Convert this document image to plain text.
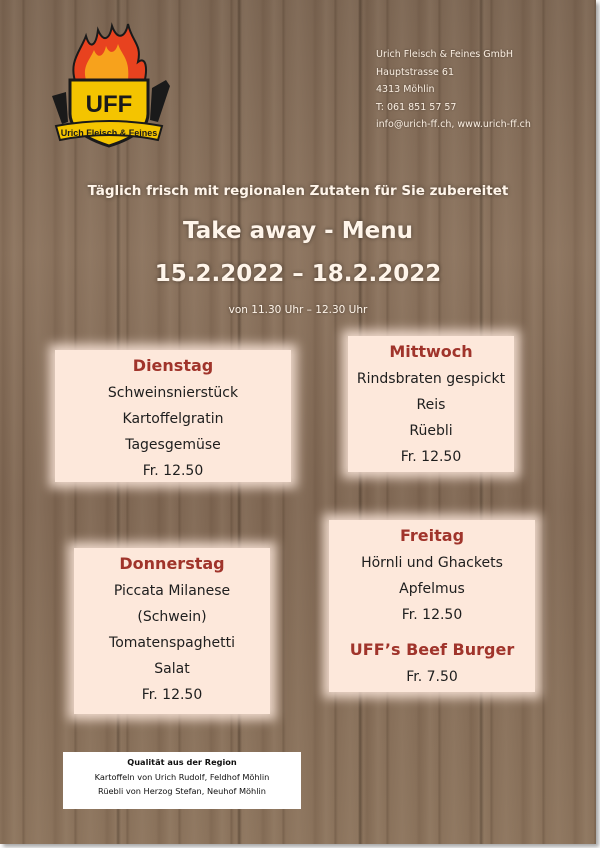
UFF
Urich Fleisch & Feines
Urich Fleisch & Feines GmbH
Hauptstrasse 61
4313 Möhlin
T: 061 851 57 57
info@urich-ff.ch, www.urich-ff.ch
Täglich frisch mit regionalen Zutaten für Sie zubereitet
Take away - Menu
15.2.2022 – 18.2.2022
von 11.30 Uhr – 12.30 Uhr
Dienstag
Schweinsnierstück
Kartoffelgratin
Tagesgemüse
Fr. 12.50
Mittwoch
Rindsbraten gespickt
Reis
Rüebli
Fr. 12.50
Donnerstag
Piccata Milanese
(Schwein)
Tomatenspaghetti
Salat
Fr. 12.50
Freitag
Hörnli und Ghackets
Apfelmus
Fr. 12.50
UFF’s Beef Burger
Fr. 7.50
Qualität aus der Region
Kartoffeln von Urich Rudolf, Feldhof Möhlin
Rüebli von Herzog Stefan, Neuhof Möhlin
